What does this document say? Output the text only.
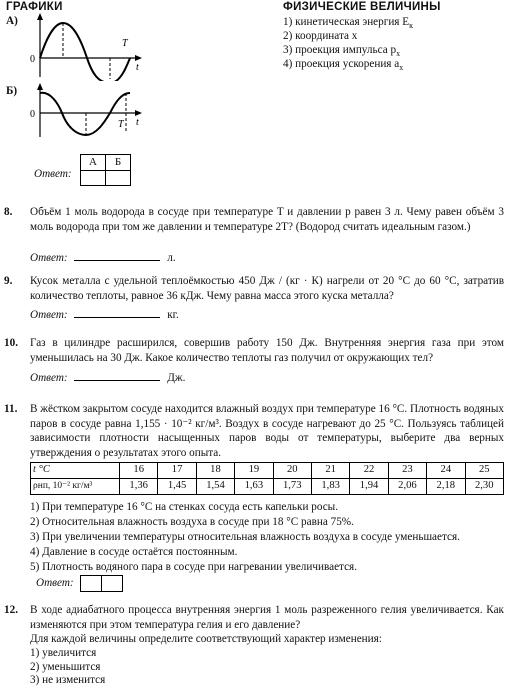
ГРАФИКИ
А)
0
T
t
Б)
0
T t
ФИЗИЧЕСКИЕ ВЕЛИЧИНЫ
1) кинетическая энергия $E_к$
2) координата x
3) проекция импульса $p_x$
4) проекция ускорения $a_x$
Ответ:
А	Б

8. Объём 1 моль водорода в сосуде при температуре T и давлении p равен 3 л. Чему равен объём 3 моль водорода при том же давлении и температуре 2T? (Водород считать идеальным газом.)
Ответ:	л.
9. Кусок металла с удельной теплоёмкостью 450 Дж / (кг · К) нагрели от 20 °С до 60 °С, затратив количество теплоты, равное 36 кДж. Чему равна масса этого куска металла?
Ответ:	кг.
10. Газ в цилиндре расширился, совершив работу 150 Дж. Внутренняя энергия газа при этом уменьшилась на 30 Дж. Какое количество теплоты газ получил от окружающих тел?
Ответ:	Дж.
11. В жёстком закрытом сосуде находится влажный воздух при температуре 16 °С. Плотность водяных паров в сосуде равна 1,155 · 10⁻² кг/м³. Воздух в сосуде нагревают до 25 °С. Пользуясь таблицей зависимости плотности насыщенных паров воды от температуры, выберите два верных утверждения о результатах этого опыта.
t °С	16	17	18	19	20	21	22	23	24	25
ρнп, 10⁻² кг/м³	1,36	1,45	1,54	1,63	1,73	1,83	1,94	2,06	2,18	2,30
1) При температуре 16 °С на стенках сосуда есть капельки росы.
2) Относительная влажность воздуха в сосуде при 18 °С равна 75%.
3) При увеличении температуры относительная влажность воздуха в сосуде уменьшается.
4) Давление в сосуде остаётся постоянным.
5) Плотность водяного пара в сосуде при нагревании увеличивается.
Ответ:
12. В ходе адиабатного процесса внутренняя энергия 1 моль разреженного гелия увеличивается. Как изменяются при этом температура гелия и его давление?
Для каждой величины определите соответствующий характер изменения:
1) увеличится
2) уменьшится
3) не изменится
